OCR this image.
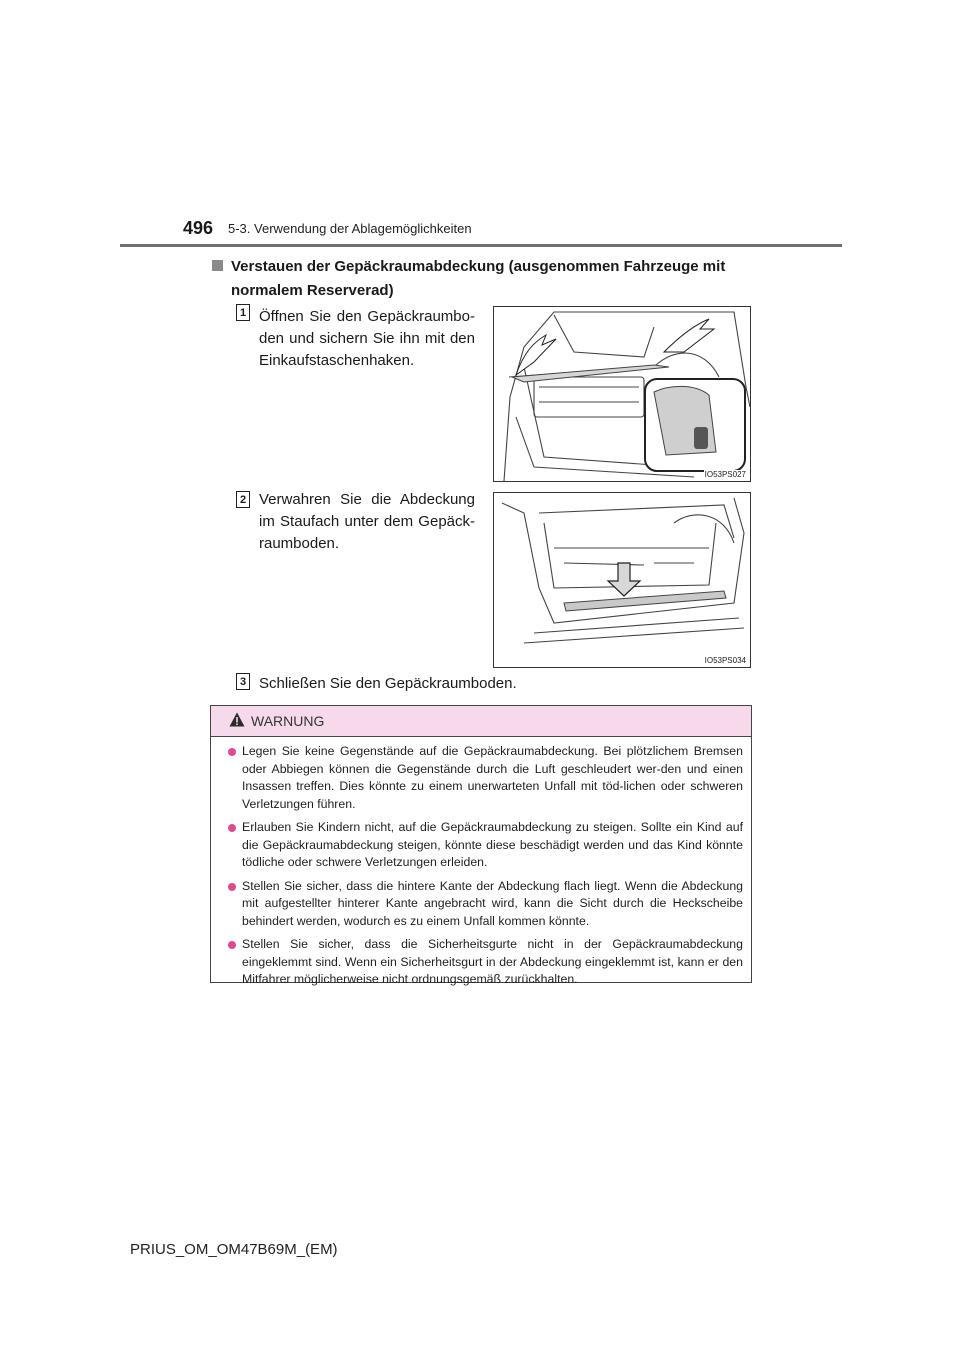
496 5-3. Verwendung der Ablagemöglichkeiten
Verstauen der Gepäckraumabdeckung (ausgenommen Fahrzeuge mit
normalem Reserverad)
1 Öffnen Sie den Gepäckraumbo-den und sichern Sie ihn mit den Einkaufstaschenhaken.
IO53PS027
2 Verwahren Sie die Abdeckung im Staufach unter dem Gepäck-raumboden.
IO53PS034
3 Schließen Sie den Gepäckraumboden.
WARNUNG
Legen Sie keine Gegenstände auf die Gepäckraumabdeckung. Bei plötzlichem Bremsen oder Abbiegen können die Gegenstände durch die Luft geschleudert wer-den und einen Insassen treffen. Dies könnte zu einem unerwarteten Unfall mit töd-lichen oder schweren Verletzungen führen.
Erlauben Sie Kindern nicht, auf die Gepäckraumabdeckung zu steigen. Sollte ein Kind auf die Gepäckraumabdeckung steigen, könnte diese beschädigt werden und das Kind könnte tödliche oder schwere Verletzungen erleiden.
Stellen Sie sicher, dass die hintere Kante der Abdeckung flach liegt. Wenn die Abdeckung mit aufgestellter hinterer Kante angebracht wird, kann die Sicht durch die Heckscheibe behindert werden, wodurch es zu einem Unfall kommen könnte.
Stellen Sie sicher, dass die Sicherheitsgurte nicht in der Gepäckraumabdeckung eingeklemmt sind. Wenn ein Sicherheitsgurt in der Abdeckung eingeklemmt ist, kann er den Mitfahrer möglicherweise nicht ordnungsgemäß zurückhalten.
PRIUS_OM_OM47B69M_(EM)
